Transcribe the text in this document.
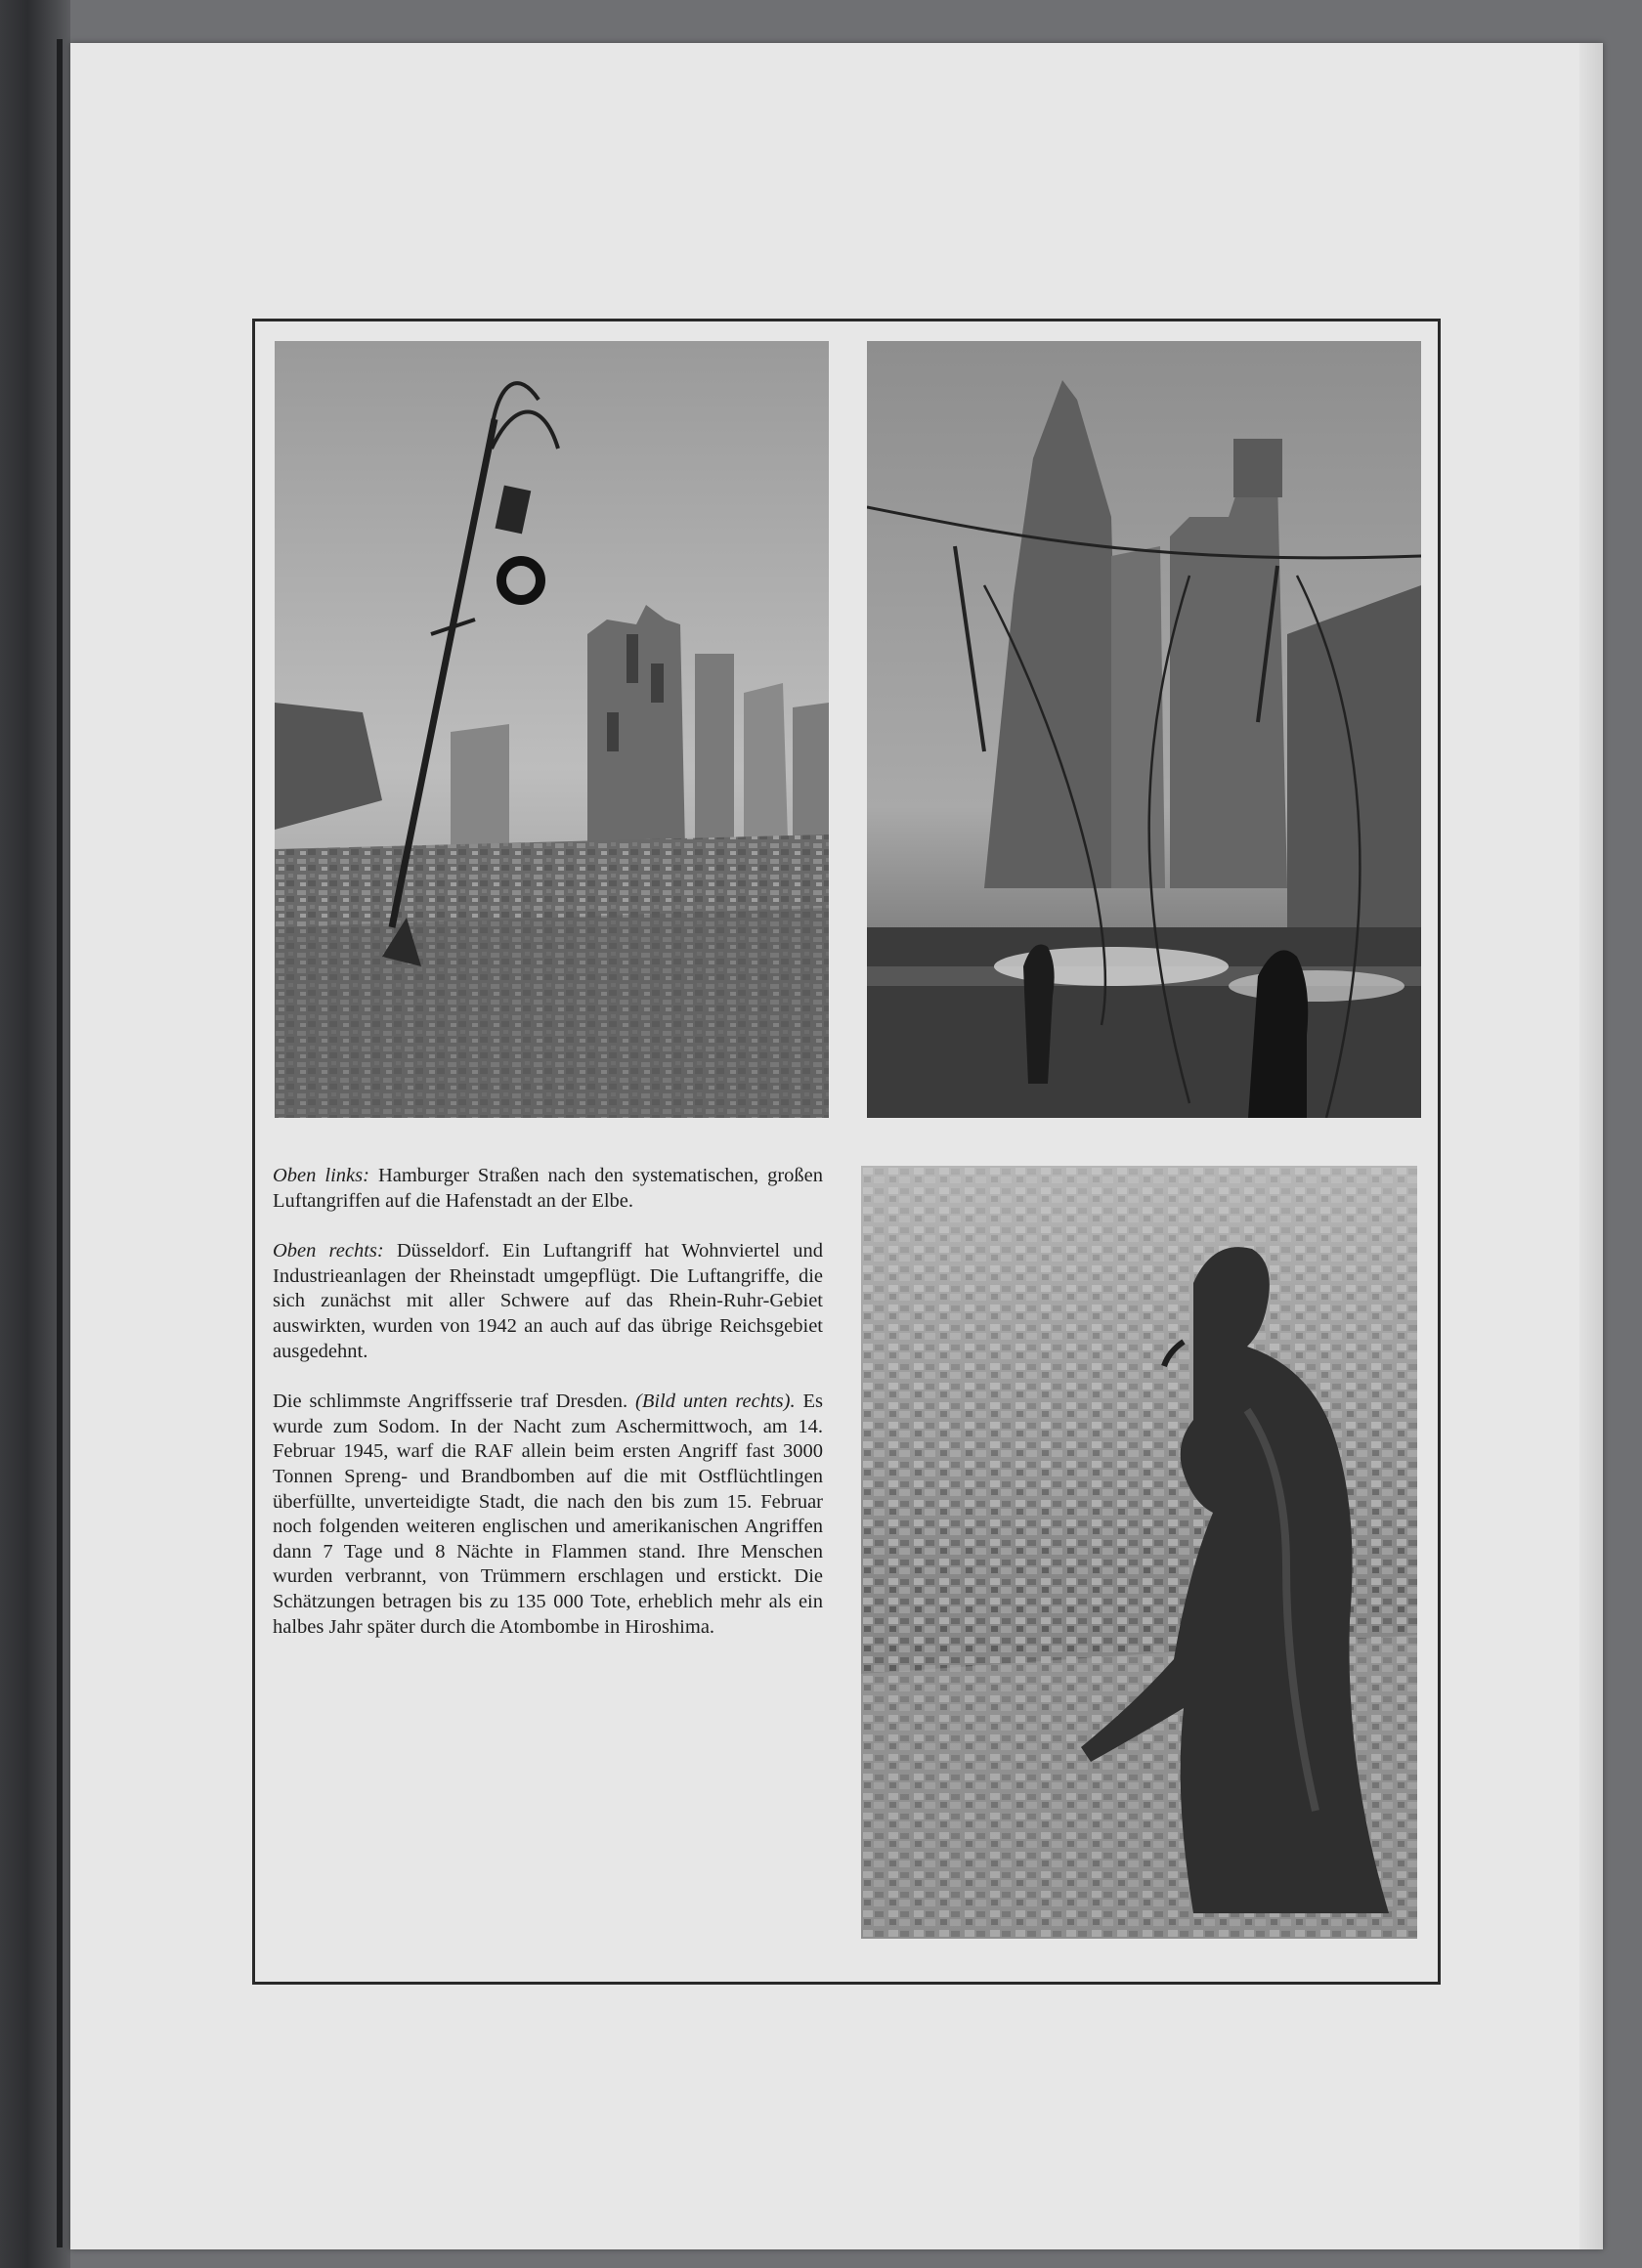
Oben links: Hamburger Straßen nach den systematischen, großen Luftangriffen auf die Hafenstadt an der Elbe.

Oben rechts: Düsseldorf. Ein Luftangriff hat Wohnviertel und Industrieanlagen der Rheinstadt umgepflügt. Die Luftangriffe, die sich zunächst mit aller Schwere auf das Rhein-Ruhr-Gebiet auswirkten, wurden von 1942 an auch auf das übrige Reichsgebiet ausgedehnt.

Die schlimmste Angriffsserie traf Dresden. (Bild unten rechts). Es wurde zum Sodom. In der Nacht zum Aschermittwoch, am 14. Februar 1945, warf die RAF allein beim ersten Angriff fast 3000 Tonnen Spreng- und Brandbomben auf die mit Ostflüchtlingen überfüllte, unverteidigte Stadt, die nach den bis zum 15. Februar noch folgenden weiteren englischen und amerikanischen Angriffen dann 7 Tage und 8 Nächte in Flammen stand. Ihre Menschen wurden verbrannt, von Trümmern erschlagen und erstickt. Die Schätzungen betragen bis zu 135 000 Tote, erheblich mehr als ein halbes Jahr später durch die Atombombe in Hiroshima.
